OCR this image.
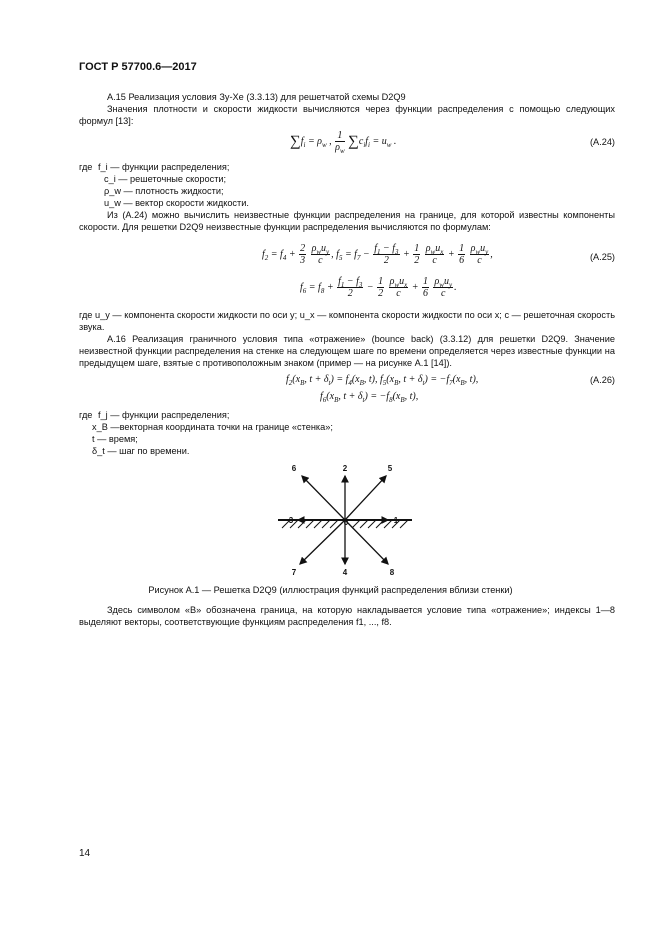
ГОСТ Р 57700.6—2017
А.15 Реализация условия Зу-Хе (3.3.13) для решетчатой схемы D2Q9
Значения плотности и скорости жидкости вычисляются через функции распределения с помощью следующих формул [13]:
$\sum f_i = \rho_w$ , $\frac{1}{\rho_w} \sum c_if_i = u_w$ .	(А.24)
где f_i — функции распределения;
c_i — решеточные скорости;
ρ_w — плотность жидкости;
u_w — вектор скорости жидкости.
Из (А.24) можно вычислить неизвестные функции распределения на границе, для которой известны компоненты скорости. Для решетки D2Q9 неизвестные функции распределения вычисляются по формулам:
$f_2 = f_4 + \frac{2}{3}$
$\frac{\rho_wu_y}{c}$ , $f_5 = f_7 - \frac{f_1 - f_3}{2} + \frac{1}{2}$
$\frac{\rho_wu_x}{c} + \frac{1}{6}$
$\frac{\rho_wu_y}{c}$ ,	(А.25)
$f_6 = f_8 + \frac{f_1 - f_3}{2} - \frac{1}{2}$
$\frac{\rho_wu_x}{c} + \frac{1}{6}$
$\frac{\rho_wu_y}{c}$ .
где u_y — компонента скорости жидкости по оси y; u_x — компонента скорости жидкости по оси x; c — решеточная скорость звука.
А.16 Реализация граничного условия типа «отражение» (bounce back) (3.3.12) для решетки D2Q9. Значение неизвестной функции распределения на стенке на следующем шаге по времени определяется через известные функции на предыдущем шаге, взятые с противоположным знаком (пример — на рисунке А.1 [14]).
$f_2(x_B$, $t + \delta_t) = f_4(x_B$, t), $f_5(x_B$, $t + \delta_t) = -f_7(x_B$, t),	(А.26)
$f_6(x_B$, $t + \delta_t) = -f_8(x_B$, t),
где f_j — функции распределения;
x_B —векторная координата точки на границе «стенка»;
t — время;
δ_t — шаг по времени.
0	1
2
3
4
5
6
7	8
Рисунок А.1 — Решетка D2Q9 (иллюстрация функций распределения вблизи стенки)
Здесь символом «B» обозначена граница, на которую накладывается условие типа «отражение»; индексы 1—8 выделяют векторы, соответствующие функциям распределения f1, ..., f8.
14
